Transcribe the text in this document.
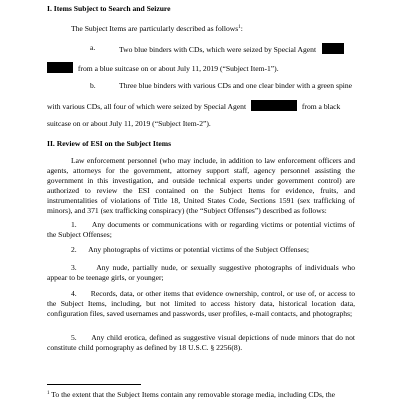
I. Items Subject to Search and Seizure
The Subject Items are particularly described as follows$^1$:
a.	Two blue binders with CDs, which were seized by Special Agent
from a blue suitcase on or about July 11, 2019 (“Subject Item-1”).
b.	Three blue binders with various CDs and one clear binder with a green spine
with various CDs, all four of which were seized by Special Agent	from a black
suitcase on or about July 11, 2019 (“Subject Item-2”).
II. Review of ESI on the Subject Items
Law enforcement personnel (who may include, in addition to law enforcement officers and agents, attorneys for the government, attorney support staff, agency personnel assisting the government in this investigation, and outside technical experts under government control) are authorized to review the ESI contained on the Subject Items for evidence, fruits, and instrumentalities of violations of Title 18, United States Code, Sections 1591 (sex trafficking of minors), and 371 (sex trafficking conspiracy) (the “Subject Offenses”) described as follows:
1. Any documents or communications with or regarding victims or potential victims of the Subject Offenses;
2. Any photographs of victims or potential victims of the Subject Offenses;
3.	Any nude, partially nude, or sexually suggestive photographs of individuals who appear to be teenage girls, or younger;
4. Records, data, or other items that evidence ownership, control, or use of, or access to the Subject Items, including, but not limited to access history data, historical location data, configuration files, saved usernames and passwords, user profiles, e-mail contacts, and photographs;
5. Any child erotica, defined as suggestive visual depictions of nude minors that do not constitute child pornography as defined by 18 U.S.C. § 2256(8).
$^1$ To the extent that the Subject Items contain any removable storage media, including CDs, the
